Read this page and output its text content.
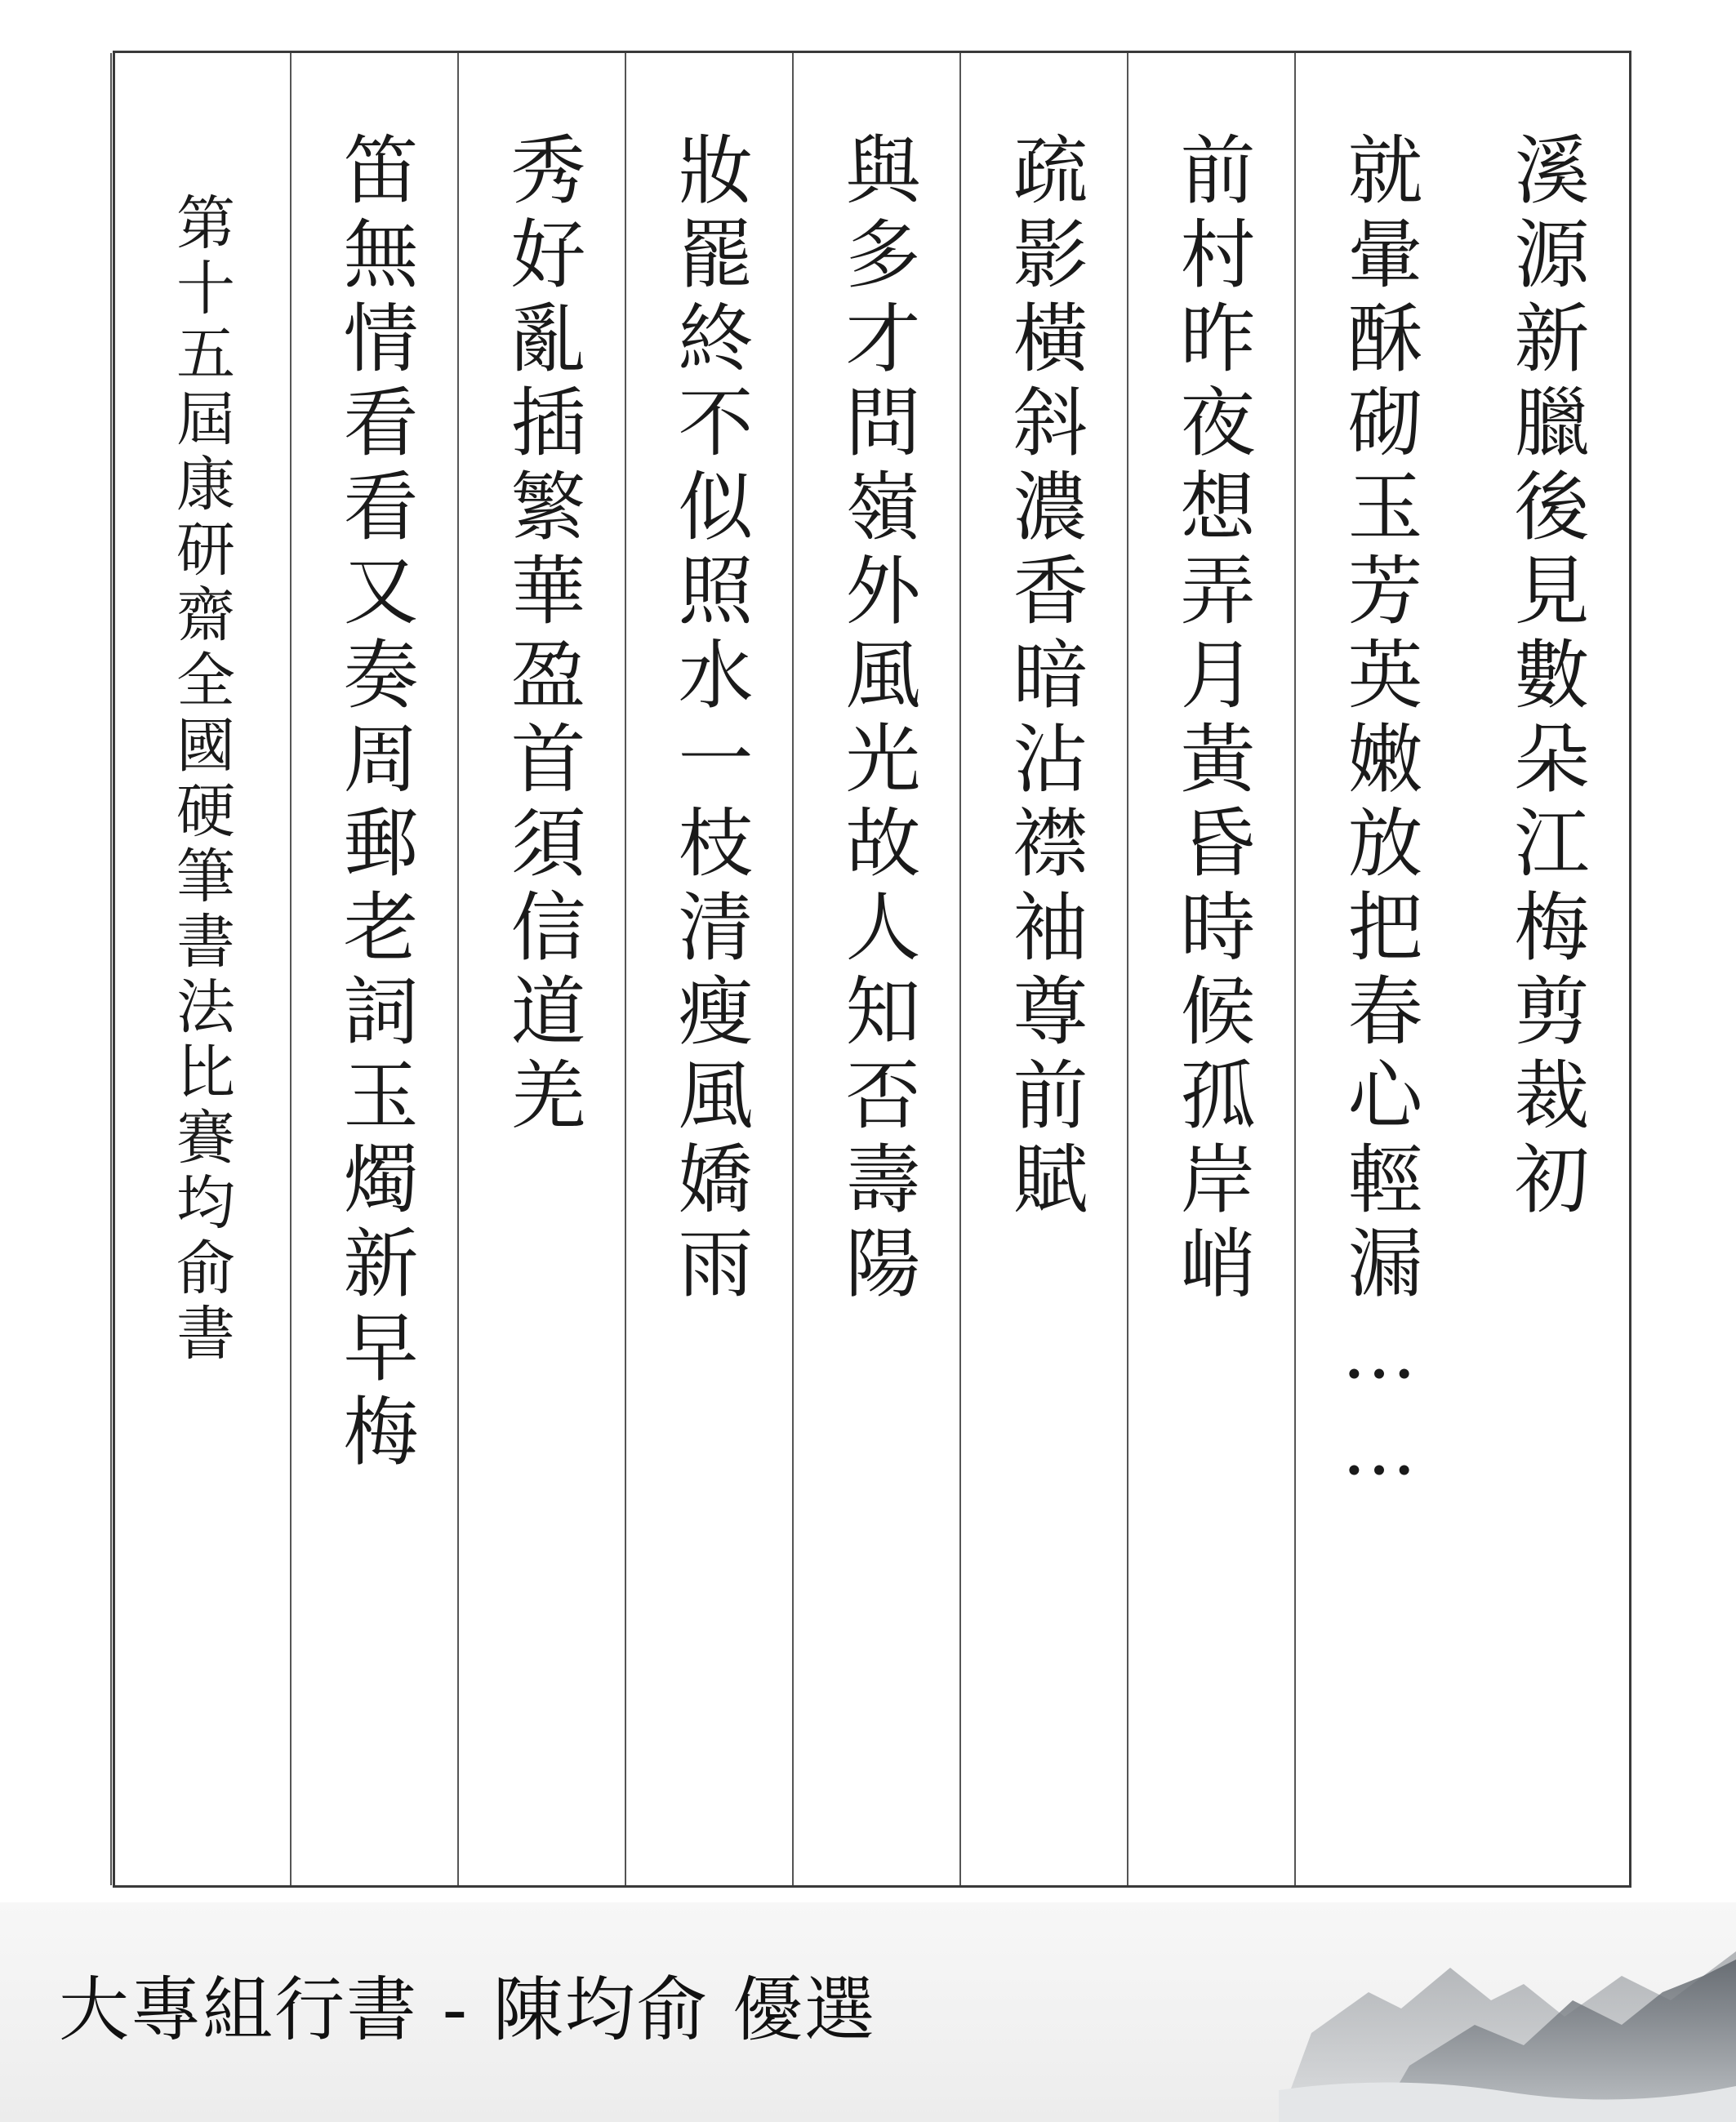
溪源新臘後見數朵江梅剪裁初
就暈酥砌玉芳英嫩放把春心輕漏……
前村昨夜想弄月黃昏時候孤岸峭
疏影橫斜濃香暗沾襟袖尊前賦
與多才問嶺外風光故人知否壽陽
妝罷終不似照水一枝清瘦風嬌雨
秀好亂插繁華盈首須信道羌
笛無情看看又奏周郵老詞玉燭新早梅
第十五屆康研齋全國硬筆書法比賽均俞書
大專組行書 - 陳均俞 優選
